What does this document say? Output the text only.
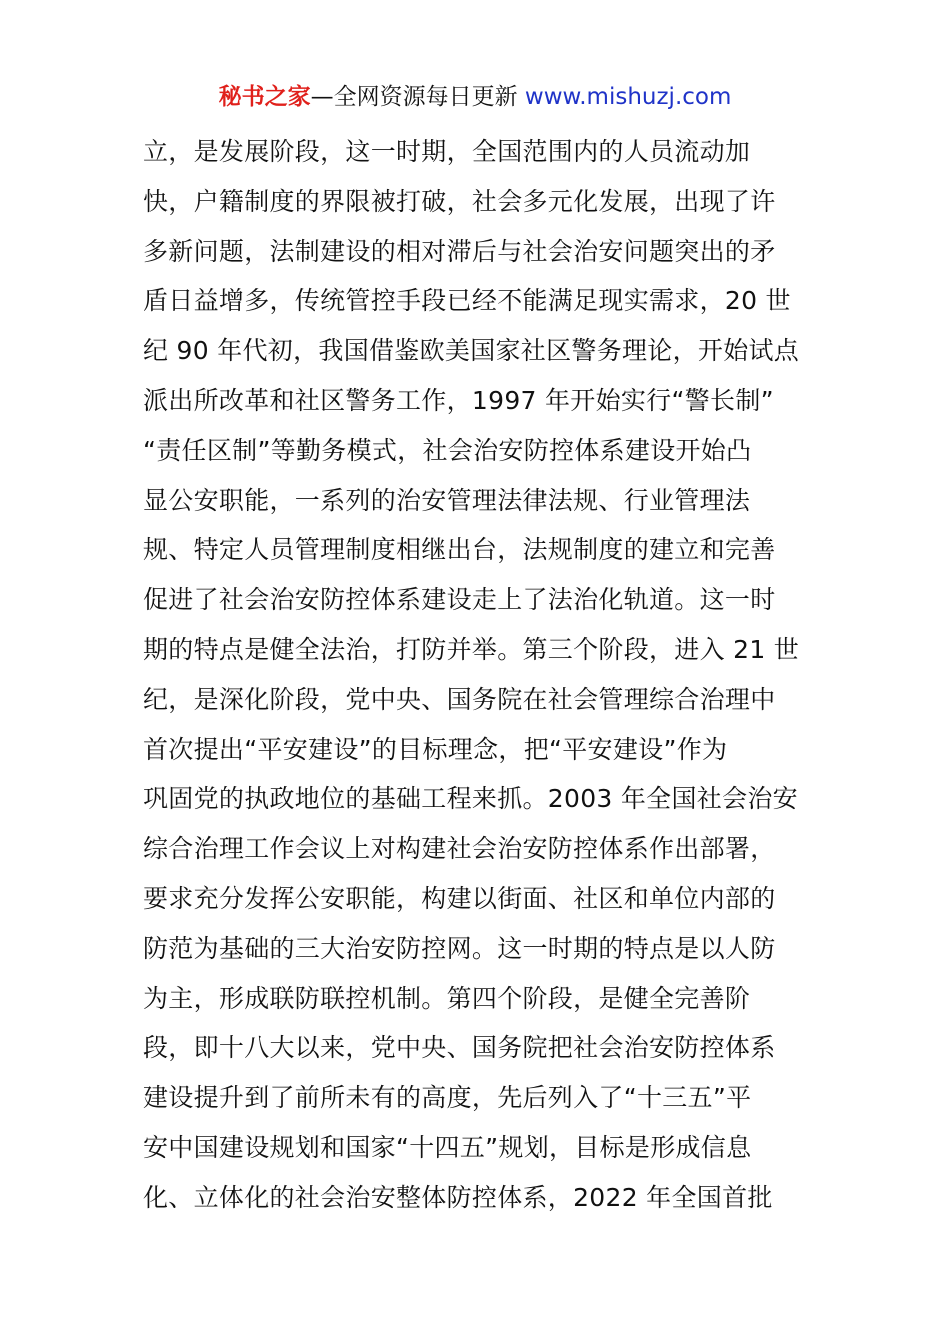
秘书之家—全网资源每日更新 www.mishuzj.com
立，是发展阶段，这一时期，全国范围内的人员流动加
快，户籍制度的界限被打破，社会多元化发展，出现了许
多新问题，法制建设的相对滞后与社会治安问题突出的矛
盾日益增多，传统管控手段已经不能满足现实需求，20 世
纪 90 年代初，我国借鉴欧美国家社区警务理论，开始试点
派出所改革和社区警务工作，1997 年开始实行“警长制”
“责任区制”等勤务模式，社会治安防控体系建设开始凸
显公安职能，一系列的治安管理法律法规、行业管理法
规、特定人员管理制度相继出台，法规制度的建立和完善
促进了社会治安防控体系建设走上了法治化轨道。这一时
期的特点是健全法治，打防并举。第三个阶段，进入 21 世
纪，是深化阶段，党中央、国务院在社会管理综合治理中
首次提出“平安建设”的目标理念，把“平安建设”作为
巩固党的执政地位的基础工程来抓。2003 年全国社会治安
综合治理工作会议上对构建社会治安防控体系作出部署，
要求充分发挥公安职能，构建以街面、社区和单位内部的
防范为基础的三大治安防控网。这一时期的特点是以人防
为主，形成联防联控机制。第四个阶段，是健全完善阶
段，即十八大以来，党中央、国务院把社会治安防控体系
建设提升到了前所未有的高度，先后列入了“十三五”平
安中国建设规划和国家“十四五”规划，目标是形成信息
化、立体化的社会治安整体防控体系，2022 年全国首批
